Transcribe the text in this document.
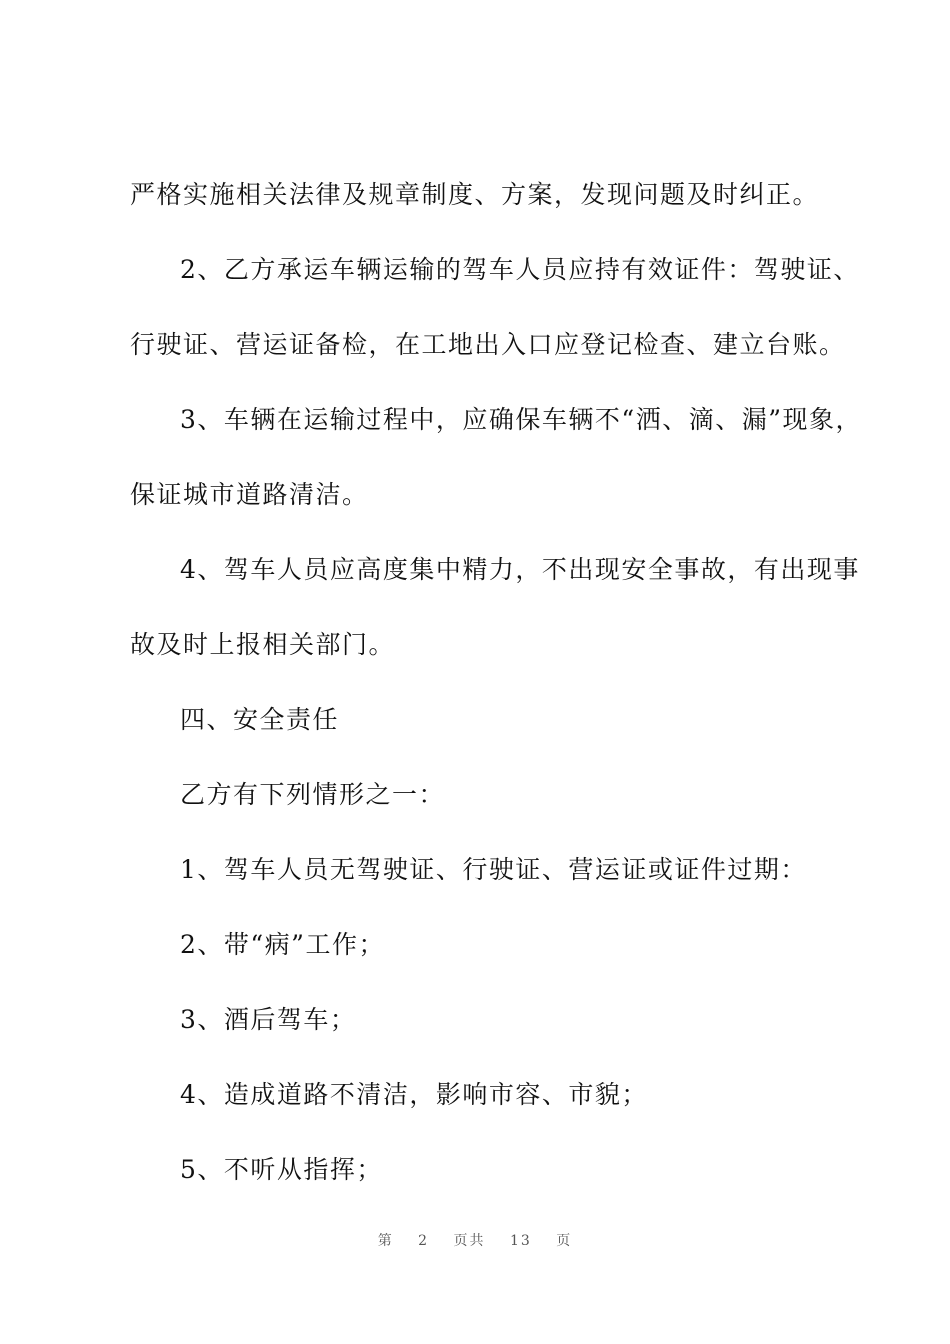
严格实施相关法律及规章制度、方案，发现问题及时纠正。
2、乙方承运车辆运输的驾车人员应持有效证件：驾驶证、
行驶证、营运证备检，在工地出入口应登记检查、建立台账。
3、车辆在运输过程中，应确保车辆不“洒、滴、漏”现象，
保证城市道路清洁。
4、驾车人员应高度集中精力，不出现安全事故，有出现事
故及时上报相关部门。
四、安全责任
乙方有下列情形之一：
1、驾车人员无驾驶证、行驶证、营运证或证件过期：
2、带“病”工作；
3、酒后驾车；
4、造成道路不清洁，影响市容、市貌；
5、不听从指挥；
第 2 页共 13 页
